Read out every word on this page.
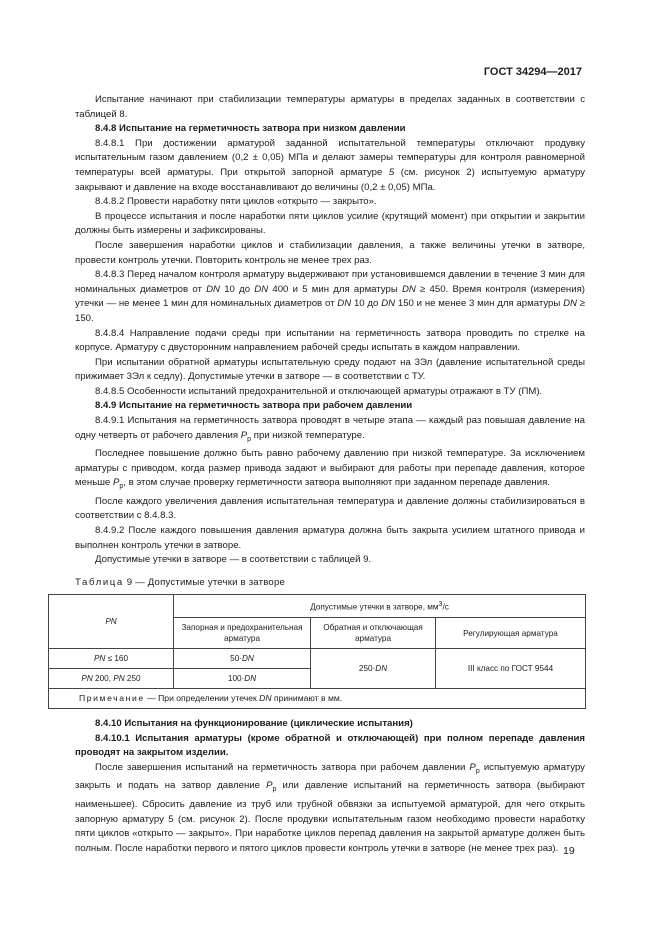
ГОСТ 34294—2017

Испытание начинают при стабилизации температуры арматуры в пределах заданных в соответствии с таблицей 8.

8.4.8 Испытание на герметичность затвора при низком давлении

8.4.8.1 При достижении арматурой заданной испытательной температуры отключают продувку испытательным газом давлением (0,2 ± 0,05) МПа и делают замеры температуры для контроля равномерной температуры всей арматуры. При открытой запорной арматуре 5 (см. рисунок 2) испытуемую арматуру закрывают и давление на входе восстанавливают до величины (0,2 ± 0,05) МПа.

8.4.8.2 Провести наработку пяти циклов «открыто — закрыто».

В процессе испытания и после наработки пяти циклов усилие (крутящий момент) при открытии и закрытии должны быть измерены и зафиксированы.

После завершения наработки циклов и стабилизации давления, а также величины утечки в затворе, провести контроль утечки. Повторить контроль не менее трех раз.

8.4.8.3 Перед началом контроля арматуру выдерживают при установившемся давлении в течение 3 мин для номинальных диаметров от DN 10 до DN 400 и 5 мин для арматуры DN ≥ 450. Время контроля (измерения) утечки — не менее 1 мин для номинальных диаметров от DN 10 до DN 150 и не менее 3 мин для арматуры DN ≥ 150.

8.4.8.4 Направление подачи среды при испытании на герметичность затвора проводить по стрелке на корпусе. Арматуру с двусторонним направлением рабочей среды испытать в каждом направлении.

При испытании обратной арматуры испытательную среду подают на 3Эл (давление испытательной среды прижимает 3Эл к седлу). Допустимые утечки в затворе — в соответствии с ТУ.

8.4.8.5 Особенности испытаний предохранительной и отключающей арматуры отражают в ТУ (ПМ).

8.4.9 Испытание на герметичность затвора при рабочем давлении

8.4.9.1 Испытания на герметичность затвора проводят в четыре этапа — каждый раз повышая давление на одну четверть от рабочего давления $P_р$ при низкой температуре.

Последнее повышение должно быть равно рабочему давлению при низкой температуре. За исключением арматуры с приводом, когда размер привода задают и выбирают для работы при перепаде давления, которое меньше $P_р$, в этом случае проверку герметичности затвора выполняют при заданном перепаде давления.

После каждого увеличения давления испытательная температура и давление должны стабилизироваться в соответствии с 8.4.8.3.

8.4.9.2 После каждого повышения давления арматура должна быть закрыта усилием штатного привода и выполнен контроль утечки в затворе.

Допустимые утечки в затворе — в соответствии с таблицей 9.

Таблица 9 — Допустимые утечки в затворе

PN	Допустимые утечки в затворе, $мм^3/с$		
	Запорная и предохранительная арматура	Обратная и отключающая арматура	Регулирующая арматура
PN ≤ 160	50·DN	250·DN	III класс по ГОСТ 9544
PN 200, PN 250	100·DN		
Примечание — При определении утечек DN принимают в мм.			

8.4.10 Испытания на функционирование (циклические испытания)

8.4.10.1 Испытания арматуры (кроме обратной и отключающей) при полном перепаде давления проводят на закрытом изделии.

После завершения испытаний на герметичность затвора при рабочем давлении $P_р$ испытуемую арматуру закрыть и подать на затвор давление $P_р$ или давление испытаний на герметичность затвора (выбирают наименьшее). Сбросить давление из труб или трубной обвязки за испытуемой арматурой, для чего открыть запорную арматуру 5 (см. рисунок 2). После продувки испытательным газом необходимо провести наработку пяти циклов «открыто — закрыто». При наработке циклов перепад давления на закрытой арматуре должен быть полным. После наработки первого и пятого циклов провести контроль утечки в затворе (не менее трех раз). 19
